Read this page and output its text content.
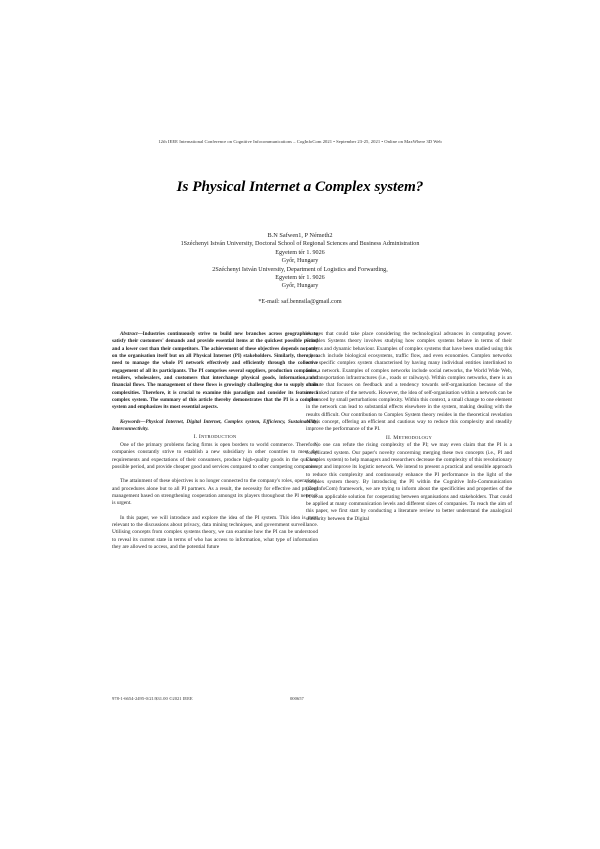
12th IEEE International Conference on Cognitive Infocommunications – CogInfoCom 2021 • September 23-25, 2021 • Online on MaxWhere 3D Web
Is Physical Internet a Complex system?
B.N Safwen1, P Németh2
1Széchenyi István University, Doctoral School of Regional Sciences and Business Administration
Egyetem tér 1. 9026
Győr, Hungary
2Széchenyi István University, Department of Logistics and Forwarding,
Egyetem tér 1. 9026
Győr, Hungary
*E-mail: saf.bennsila@gmail.com

Abstract—Industries continuously strive to build new branches across geographies to satisfy their customers' demands and provide essential items at the quickest possible period and a lower cost than their competitors. The achievement of these objectives depends not only on the organisation itself but on all Physical Internet (PI) stakeholders. Similarly, there is a need to manage the whole PI network effectively and efficiently through the collective engagement of all its participants. The PI comprises several suppliers, production companies, retailers, wholesalers, and customers that interchange physical goods, information, and financial flows. The management of these flows is growingly challenging due to supply chain complexities. Therefore, it is crucial to examine this paradigm and consider its features a complex system. The summary of this article thereby demonstrates that the PI is a complex system and emphasizes its most essential aspects.

Keywords—Physical Internet, Digital Internet, Complex system, Efficiency, Sustainability, Interconnectivity.

I. INTRODUCTION

One of the primary problems facing firms is open borders to world commerce. Therefore, companies constantly strive to establish a new subsidiary in other countries to meet the requirements and expectations of their consumers, produce high-quality goods in the quickest possible period, and provide cheaper good and services compared to other competing companies.

The attainment of these objectives is no longer connected to the company's roles, operations, and procedures alone but to all PI partners. As a result, the necessity for effective and prudent management based on strengthening cooperation amongst its players throughout the PI network is urgent.

In this paper, we will introduce and explore the idea of the PI system. This idea is most relevant to the discussions about privacy, data mining techniques, and government surveillance. Utilising concepts from complex systems theory, we can examine how the PI can be understood to reveal its current state in terms of who has access to information, what type of information they are allowed to access, and the potential future

changes that could take place considering the technological advances in computing power. Complex Systems theory involves studying how complex systems behave in terms of their patterns and dynamic behaviour. Examples of complex systems that have been studied using this approach include biological ecosystems, traffic flow, and even economies. Complex networks are a specific complex system characterised by having many individual entities interlinked to form a network. Examples of complex networks include social networks, the World Wide Web, and transportation infrastructures (i.e., roads or railways). Within complex networks, there is an attribute that focuses on feedback and a tendency towards self-organisation because of the interlinked nature of the network. However, the idea of self-organisation within a network can be influenced by small perturbations complexity. Within this context, a small change to one element in the network can lead to substantial effects elsewhere in the system, making dealing with the results difficult. Our contribution to Complex System theory resides in the theoretical revelation of this concept, offering an efficient and cautious way to reduce this complexity and steadily improve the performance of the PI.

II. METHODOLOGY

No one can refute the rising complexity of the PI; we may even claim that the PI is a complicated system. Our paper's novelty concerning merging these two concepts (i.e., PI and Complex system) to help managers and researchers decrease the complexity of this revolutionary concept and improve its logistic network. We intend to present a practical and sensible approach to reduce this complexity and continuously enhance the PI performance in the light of the complex system theory. By introducing the PI within the Cognitive Info-Communication (CogInfoCom) framework, we are trying to inform about the specificities and properties of the PI as an applicable solution for cooperating between organisations and stakeholders. That could be applied at many communication levels and different sizes of companies. To reach the aim of this paper, we first start by conducting a literature review to better understand the analogical similarity between the Digital

978-1-6654-2495-0/21/$31.00 ©2021 IEEE	000657
